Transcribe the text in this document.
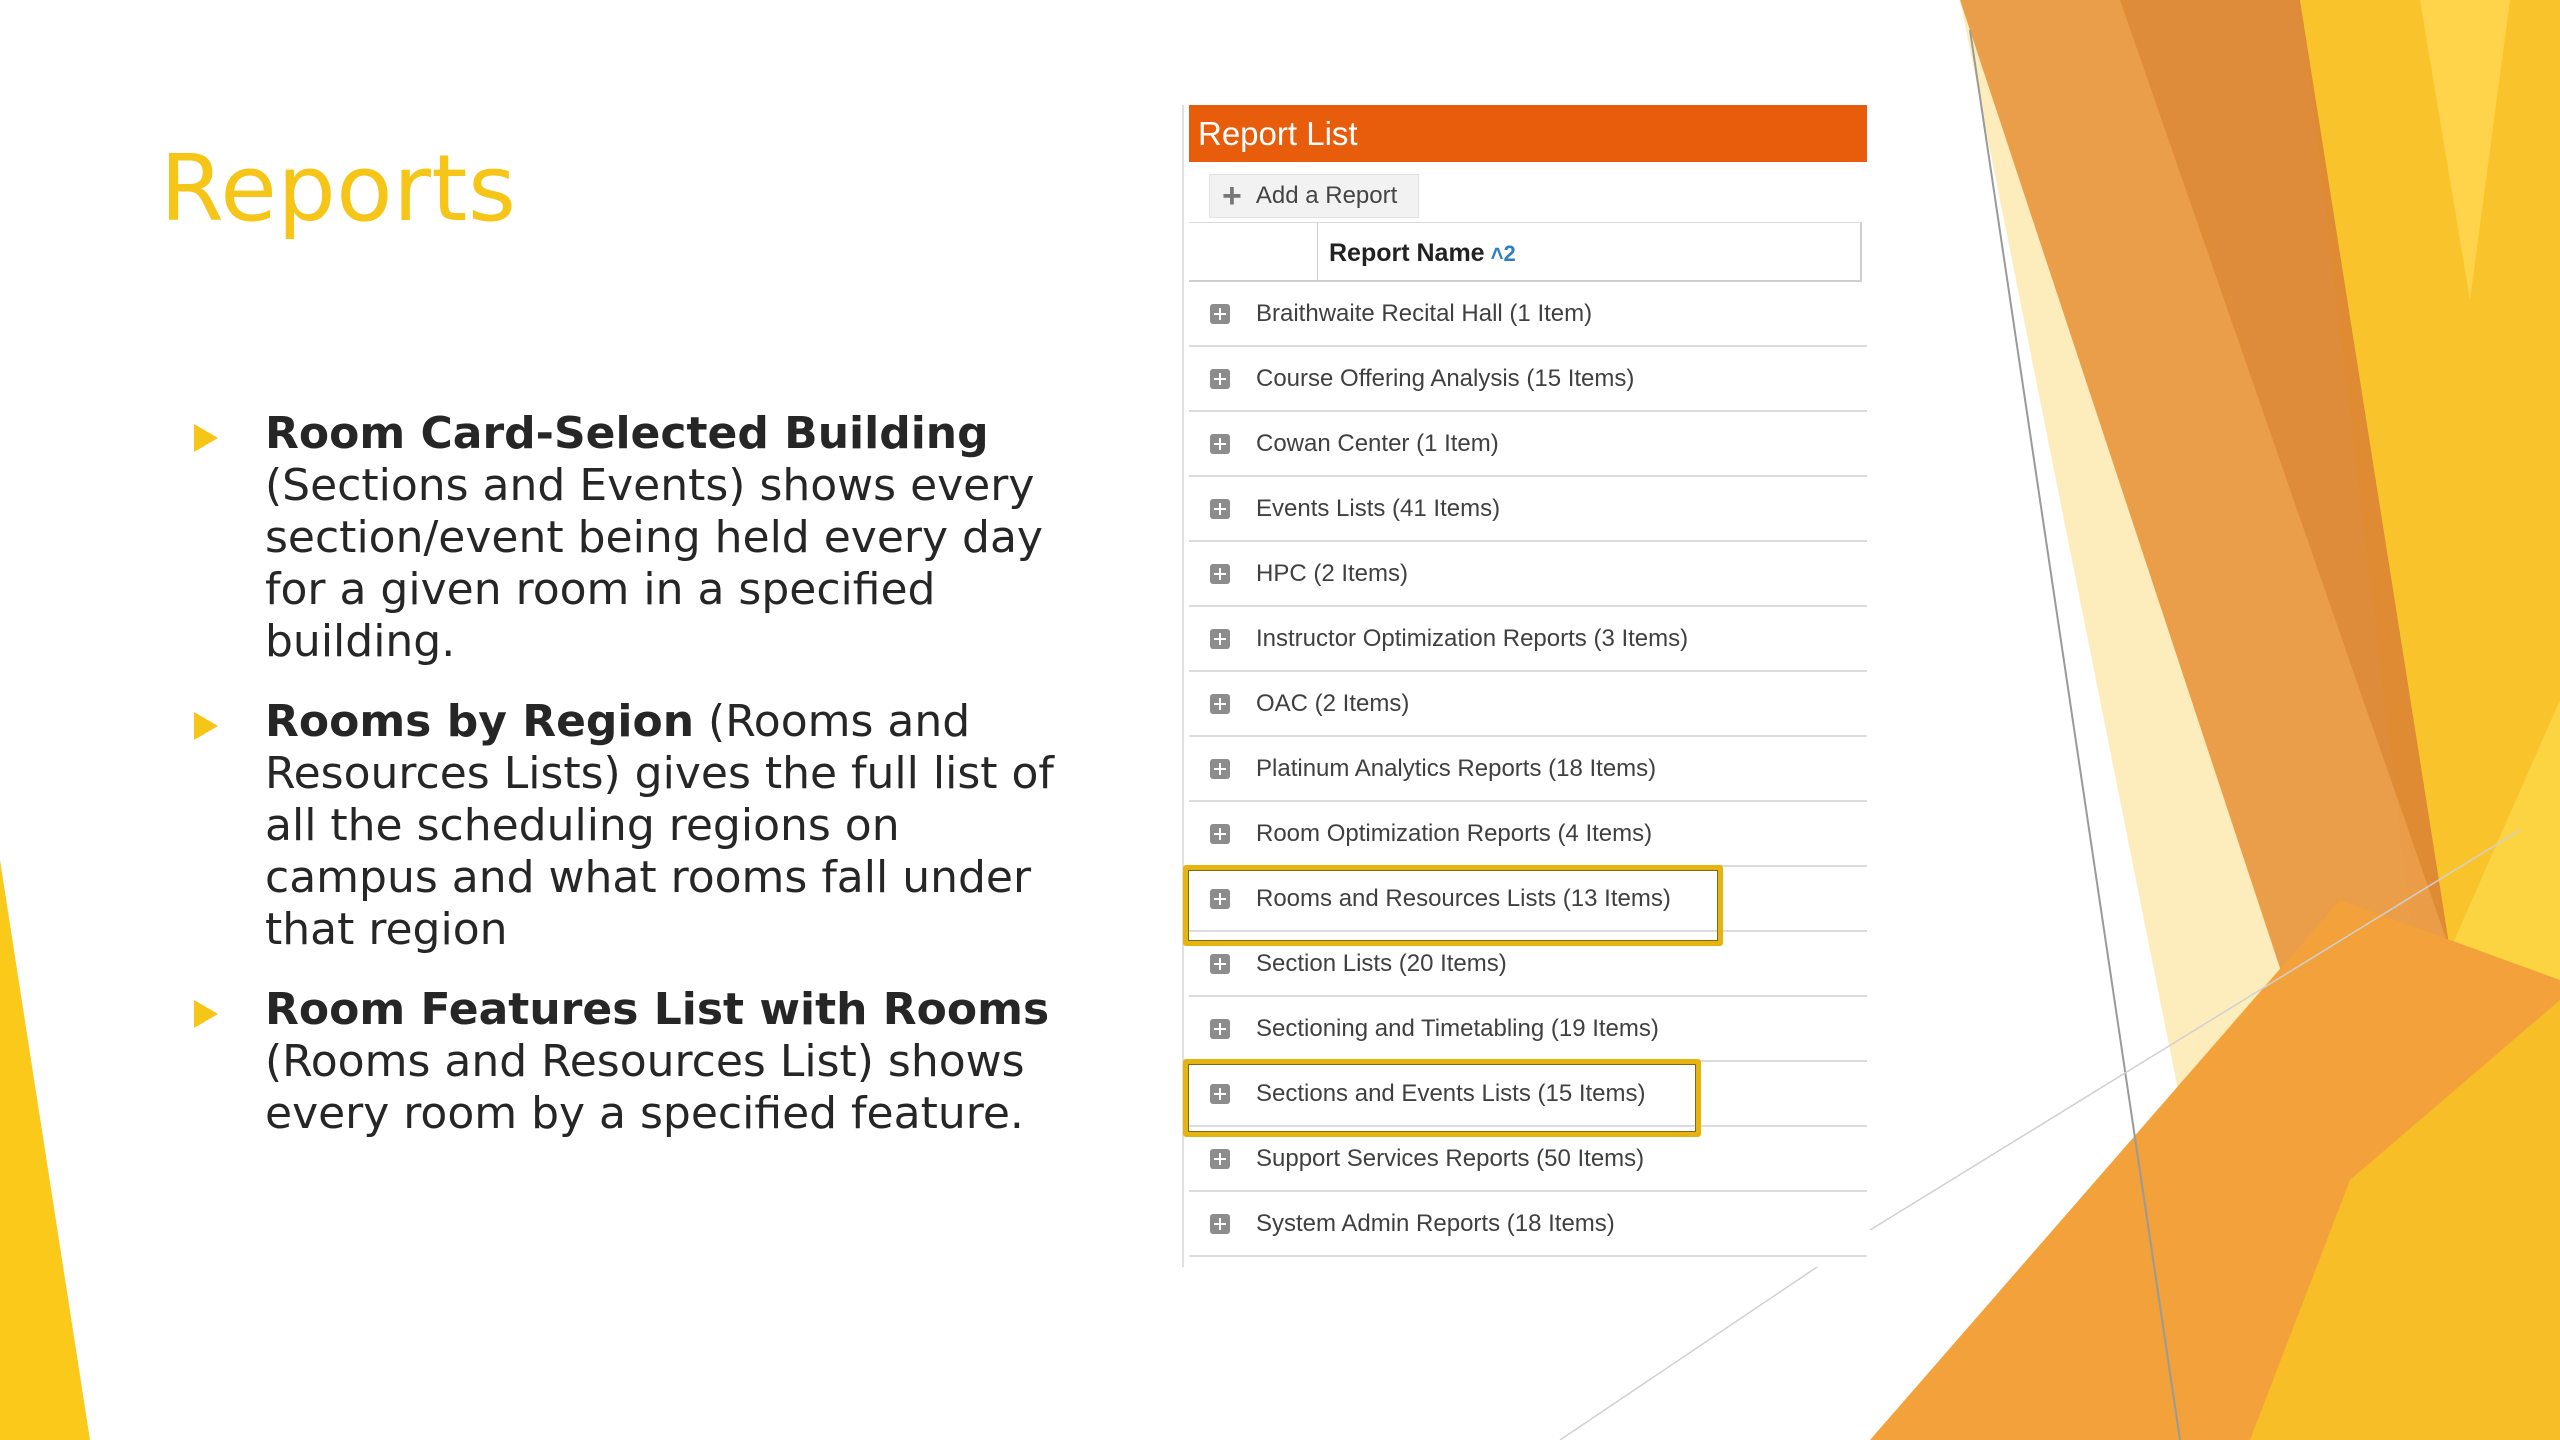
Reports
Room Card-Selected Building (Sections and Events) shows every section/event being held every day for a given room in a specified building.
Rooms by Region (Rooms and Resources Lists) gives the full list of all the scheduling regions on campus and what rooms fall under that region
Room Features List with Rooms (Rooms and Resources List) shows every room by a specified feature.
Report List
+ Add a Report
Report Name ˄2
Braithwaite Recital Hall (1 Item)
Course Offering Analysis (15 Items)
Cowan Center (1 Item)
Events Lists (41 Items)
HPC (2 Items)
Instructor Optimization Reports (3 Items)
OAC (2 Items)
Platinum Analytics Reports (18 Items)
Room Optimization Reports (4 Items)
Rooms and Resources Lists (13 Items)
Section Lists (20 Items)
Sectioning and Timetabling (19 Items)
Sections and Events Lists (15 Items)
Support Services Reports (50 Items)
System Admin Reports (18 Items)
